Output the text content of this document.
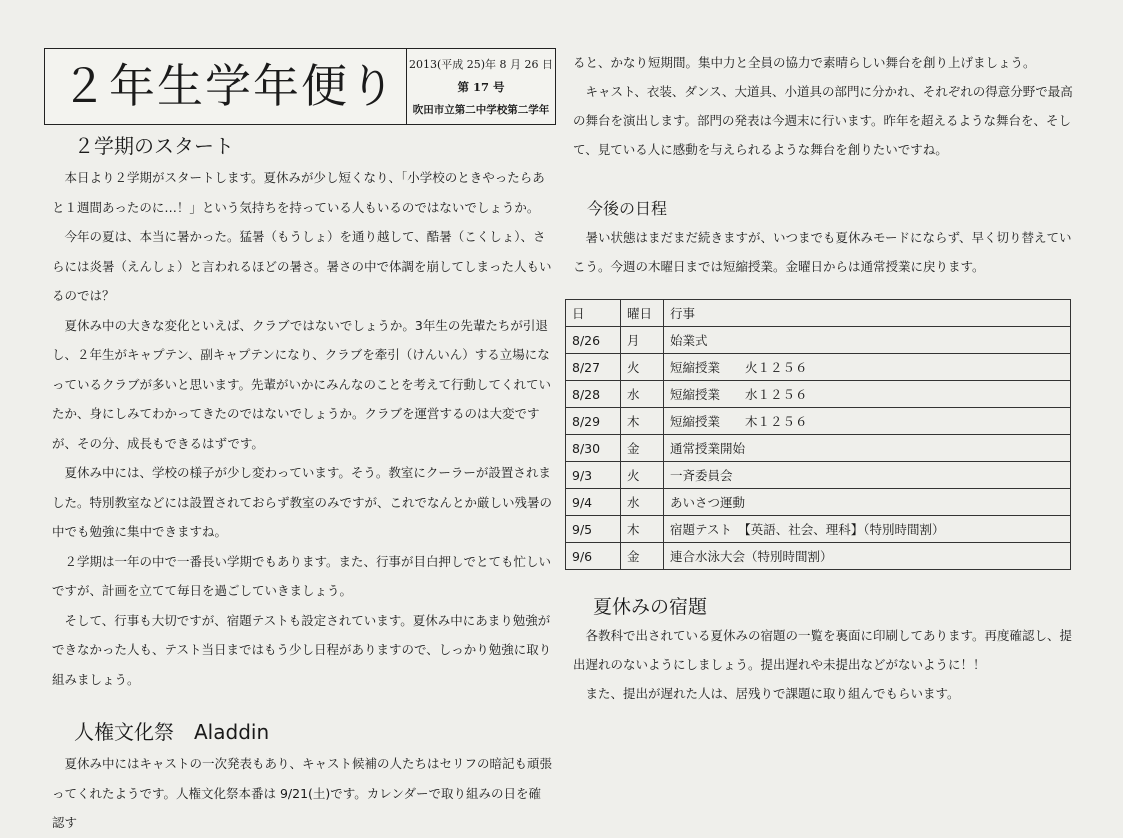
２年生学年便り	2013(平成 25)年 8 月 26 日
第 17 号
吹田市立第二中学校第二学年
２学期のスタート

本日より２学期がスタートします。夏休みが少し短くなり、「小学校のときやったらあと１週間あったのに…！」という気持ちを持っている人もいるのではないでしょうか。

今年の夏は、本当に暑かった。猛暑（もうしょ）を通り越して、酷暑（こくしょ）、さらには炎暑（えんしょ）と言われるほどの暑さ。暑さの中で体調を崩してしまった人もいるのでは？

夏休み中の大きな変化といえば、クラブではないでしょうか。3年生の先輩たちが引退し、２年生がキャプテン、副キャプテンになり、クラブを牽引（けんいん）する立場になっているクラブが多いと思います。先輩がいかにみんなのことを考えて行動してくれていたか、身にしみてわかってきたのではないでしょうか。クラブを運営するのは大変ですが、その分、成長もできるはずです。

夏休み中には、学校の様子が少し変わっています。そう。教室にクーラーが設置されました。特別教室などには設置されておらず教室のみですが、これでなんとか厳しい残暑の中でも勉強に集中できますね。

２学期は一年の中で一番長い学期でもあります。また、行事が目白押しでとても忙しいですが、計画を立てて毎日を過ごしていきましょう。

そして、行事も大切ですが、宿題テストも設定されています。夏休み中にあまり勉強ができなかった人も、テスト当日まではもう少し日程がありますので、しっかり勉強に取り組みましょう。

人権文化祭　Aladdin

夏休み中にはキャストの一次発表もあり、キャスト候補の人たちはセリフの暗記も頑張ってくれたようです。人権文化祭本番は 9/21(土)です。カレンダーで取り組みの日を確認す

ると、かなり短期間。集中力と全員の協力で素晴らしい舞台を創り上げましょう。

キャスト、衣装、ダンス、大道具、小道具の部門に分かれ、それぞれの得意分野で最高の舞台を演出します。部門の発表は今週末に行います。昨年を超えるような舞台を、そして、見ている人に感動を与えられるような舞台を創りたいですね。

今後の日程

暑い状態はまだまだ続きますが、いつまでも夏休みモードにならず、早く切り替えていこう。今週の木曜日までは短縮授業。金曜日からは通常授業に戻ります。

日	曜日	行事
8/26	月	始業式
8/27	火	短縮授業　　火１２５６
8/28	水	短縮授業　　水１２５６
8/29	木	短縮授業　　木１２５６
8/30	金	通常授業開始
9/3	火	一斉委員会
9/4	水	あいさつ運動
9/5	木	宿題テスト　【英語、社会、理科】（特別時間割）
9/6	金	連合水泳大会（特別時間割）
夏休みの宿題

各教科で出されている夏休みの宿題の一覧を裏面に印刷してあります。再度確認し、提出遅れのないようにしましょう。提出遅れや未提出などがないように！！

また、提出が遅れた人は、居残りで課題に取り組んでもらいます。
